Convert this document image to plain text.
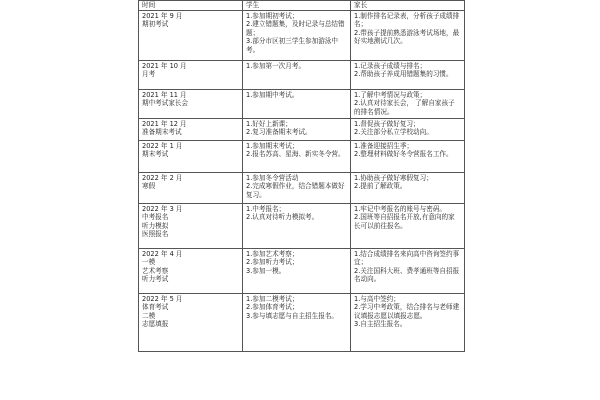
时间	学生	家长

2021 年 9 月
期初考试	1.参加期初考试；
2.建立错题集，及时记录与总结错题；
3.部分市区初三学生参加游泳中考。	1.制作排名记录表，分析孩子成绩排名；
2.带孩子提前熟悉游泳考试场地，最好实地测试几次。

2021 年 10 月
月考	1.参加第一次月考。	1.记录孩子成绩与排名；
2.帮助孩子养成用错题集的习惯。

2021 年 11 月
期中考试家长会	1.参加期中考试。	1.了解中考情况与政策；
2.认真对待家长会， 了解自家孩子的排名情况。

2021 年 12 月
准备期末考试	1.好好上新课；
2.复习准备期末考试。	1.督促孩子做好复习；
2.关注部分私立学校动向。

2022 年 1 月
期末考试	1.参加期末考试；
2.报名苏高、星海、新实冬令营。	1.准备迎接招生季；
2.整理材料做好冬令营报名工作。

2022 年 2 月
寒假	1.参加冬令营活动
2.完成寒假作业，结合错题本做好复习。	1.协助孩子做好寒假复习；
2.提前了解政策。

2022 年 3 月
中考报名
听力模拟
医照报名	1.中考报名；
2.认真对待听力模拟考。	1.牢记中考报名的账号与密码。
2.国班等自招报名开放,有意向的家长可以前往报名。

2022 年 4 月
一模
艺术考察
听力考试	1.参加艺术考察；
2.参加听力考试；
3.参加一模。	1.结合成绩排名来向高中咨询签约事宜；
2.关注国科大班、费孝通班等自招报名动向。

2022 年 5 月
体育考试
二模
志愿填报	1.参加二模考试；
2.参加体育考试；
3.参与填志愿与自主招生报名。	1.与高中签约；
2.学习中考政策，结合排名与老师建议填报志愿以填报志愿。
3.自主招生报名。
